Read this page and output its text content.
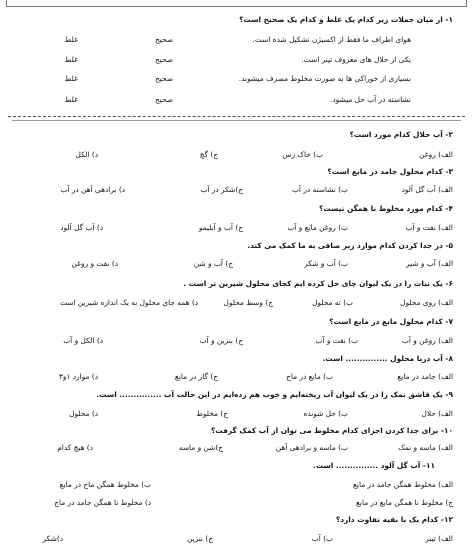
۱- از میان جملات زیر کدام یک غلط و کدام یک صحیح است؟
هوای اطراف ما فقط از اکسیژن تشکیل شده است.
صحیح
غلط
یکی از حلال های معروف تینر است.
صحیح
غلط
بسیاری از خوراکی ها به صورت مخلوط مصرف میشوند.
صحیح
غلط
نشاسته در آب حل میشود.
صحیح
غلط
۲- آب حلال کدام مورد است؟
الف) روغن
ب) خاک رس
ج) گچ
د) الکل
۳- کدام محلول جامد در مایع است؟
الف) آب گل آلود
ب) نشاسته در آب
ج)شکر در آب
د) برادهی آهن در آب
۴- کدام مورد مخلوط نا همگن نیست؟
الف) نفت و آب
ب) روغن مایع و آب
ج) آب و آبلیمو
د) آب گل آلود
۵- در جدا کردن کدام موارد زیر صافی به ما کمک می کند.
الف) آب و شیر
ب) آب و شکر
ج) آب و شن
د) نفت و روغن
۶- یک نبات را در یک لیوان چای حل کرده ایم کجای محلول شیرین تر است .
الف) روی محلول
ب) ته محلول
ج) وسط محلول
د) همه جای محلول به یک اندازه شیرین است
۷- کدام محلول مایع در مایع است؟
الف) روغن و آب
ب) نفت و آب
ج) بنزین و آب
د) الکل و آب
۸- آب دریا محلول ............... است.
الف) جامد در مایع
ب) مایع در ماج
ج) گاز در مایع
د) موارد ۱و۳
۹- یک قاشق نمک را در یک لیوان آب ریخته‌ایم و خوب هم زده‌ایم در این حالت آب ............... است.
الف) حلال
ب) حل شونده
ج) مخلوط
د) محلول
۱۰- برای جدا کردن اجزای کدام مخلوط می توان از آب کمک گرفت؟
الف) ماسه و نمک
ب) ماسه و برادهی آهن
ج)شن و ماسه
د) هیچ کدام
۱۱- آب گل آلود ............... است.
الف) مخلوط همگن جامد در مایع
ب) مخلوط همگن ماج در مایع
ج) مخلوط نا همگن مایع در مایع
د) مخلوط نا همگن جامد در ماج
۱۲- کدام یک با بقیه تفاوت دارد؟
الف) تینر
ب) آب
ج) بنزین
د)شکر
